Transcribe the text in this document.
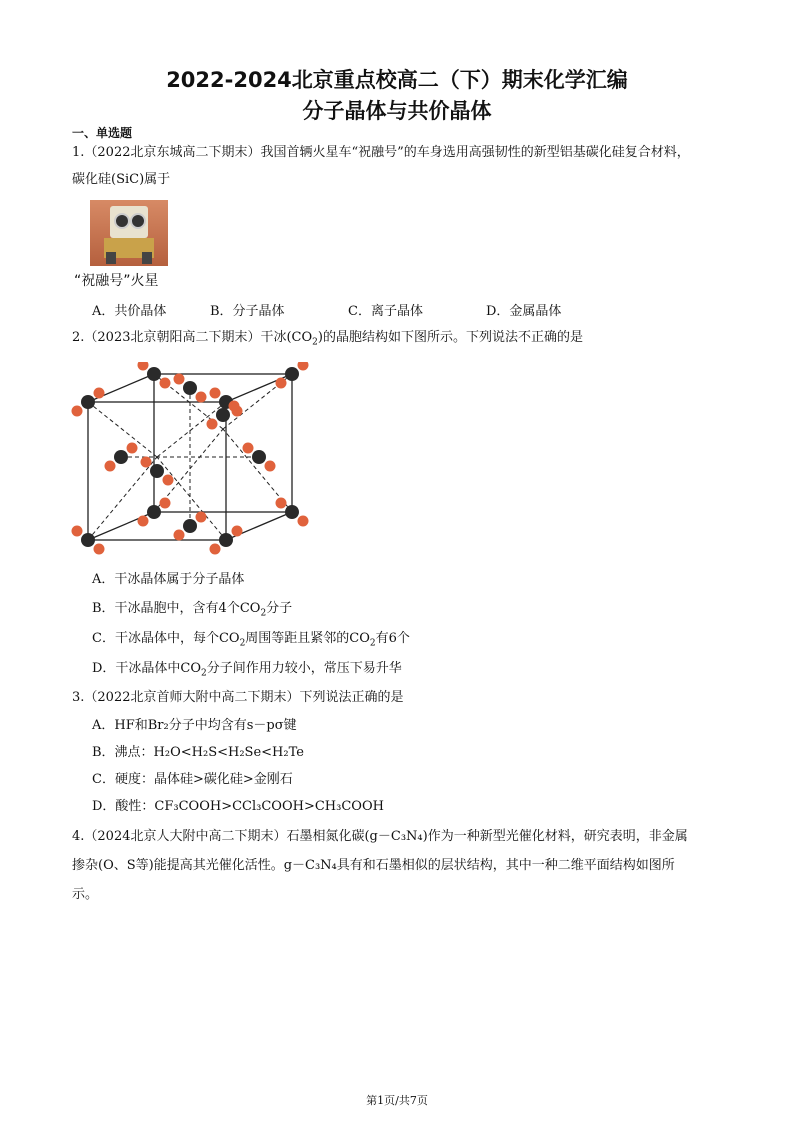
2022-2024北京重点校高二（下）期末化学汇编
分子晶体与共价晶体
一、单选题
1.（2022北京东城高二下期末）我国首辆火星车“祝融号”的车身选用高强韧性的新型铝基碳化硅复合材料，
碳化硅(SiC)属于
“祝融号”火星
A．共价晶体	B．分子晶体	C．离子晶体	D．金属晶体
2.（2023北京朝阳高二下期末）干冰$(CO_2)$的晶胞结构如下图所示。下列说法不正确的是
A．干冰晶体属于分子晶体
B．干冰晶胞中，含有4个$CO_2$分子
C．干冰晶体中，每个$CO_2$周围等距且紧邻的$CO_2$有6个
D．干冰晶体中$CO_2$分子间作用力较小，常压下易升华
3.（2022北京首师大附中高二下期末）下列说法正确的是
A．HF和Br₂分子中均含有s－pσ键
B．沸点：H₂O<H₂S<H₂Se<H₂Te
C．硬度：晶体硅>碳化硅>金刚石
D．酸性：CF₃COOH>CCl₃COOH>CH₃COOH
4.（2024北京人大附中高二下期末）石墨相氮化碳(g－C₃N₄)作为一种新型光催化材料，研究表明，非金属
掺杂(O、S等)能提高其光催化活性。g－C₃N₄具有和石墨相似的层状结构，其中一种二维平面结构如图所
示。
第1页/共7页
